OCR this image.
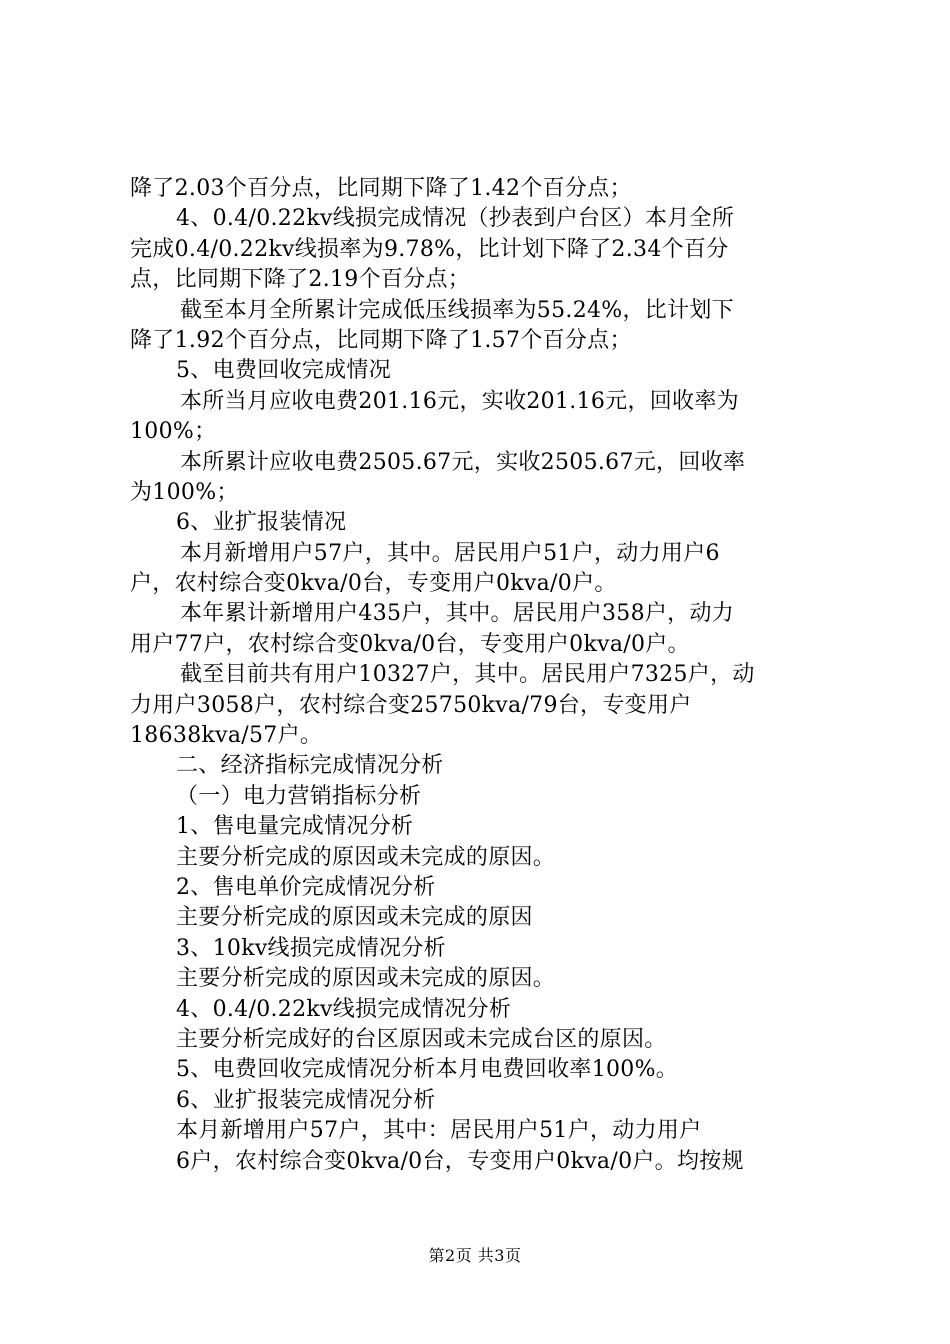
降了2.03个百分点，比同期下降了1.42个百分点；
4、0.4/0.22kv线损完成情况（抄表到户台区）本月全所
完成0.4/0.22kv线损率为9.78%，比计划下降了2.34个百分
点，比同期下降了2.19个百分点；
截至本月全所累计完成低压线损率为55.24%，比计划下
降了1.92个百分点，比同期下降了1.57个百分点；
5、电费回收完成情况
本所当月应收电费201.16元，实收201.16元，回收率为
100%；
本所累计应收电费2505.67元，实收2505.67元，回收率
为100%；
6、业扩报装情况
本月新增用户57户，其中。居民用户51户，动力用户6
户，农村综合变0kva/0台，专变用户0kva/0户。
本年累计新增用户435户，其中。居民用户358户，动力
用户77户，农村综合变0kva/0台，专变用户0kva/0户。
截至目前共有用户10327户，其中。居民用户7325户，动
力用户3058户，农村综合变25750kva/79台，专变用户
18638kva/57户。
二、经济指标完成情况分析
（一）电力营销指标分析
1、售电量完成情况分析
主要分析完成的原因或未完成的原因。
2、售电单价完成情况分析
主要分析完成的原因或未完成的原因
3、10kv线损完成情况分析
主要分析完成的原因或未完成的原因。
4、0.4/0.22kv线损完成情况分析
主要分析完成好的台区原因或未完成台区的原因。
5、电费回收完成情况分析本月电费回收率100%。
6、业扩报装完成情况分析
本月新增用户57户，其中：居民用户51户，动力用户
6户，农村综合变0kva/0台，专变用户0kva/0户。均按规
第2页 共3页
